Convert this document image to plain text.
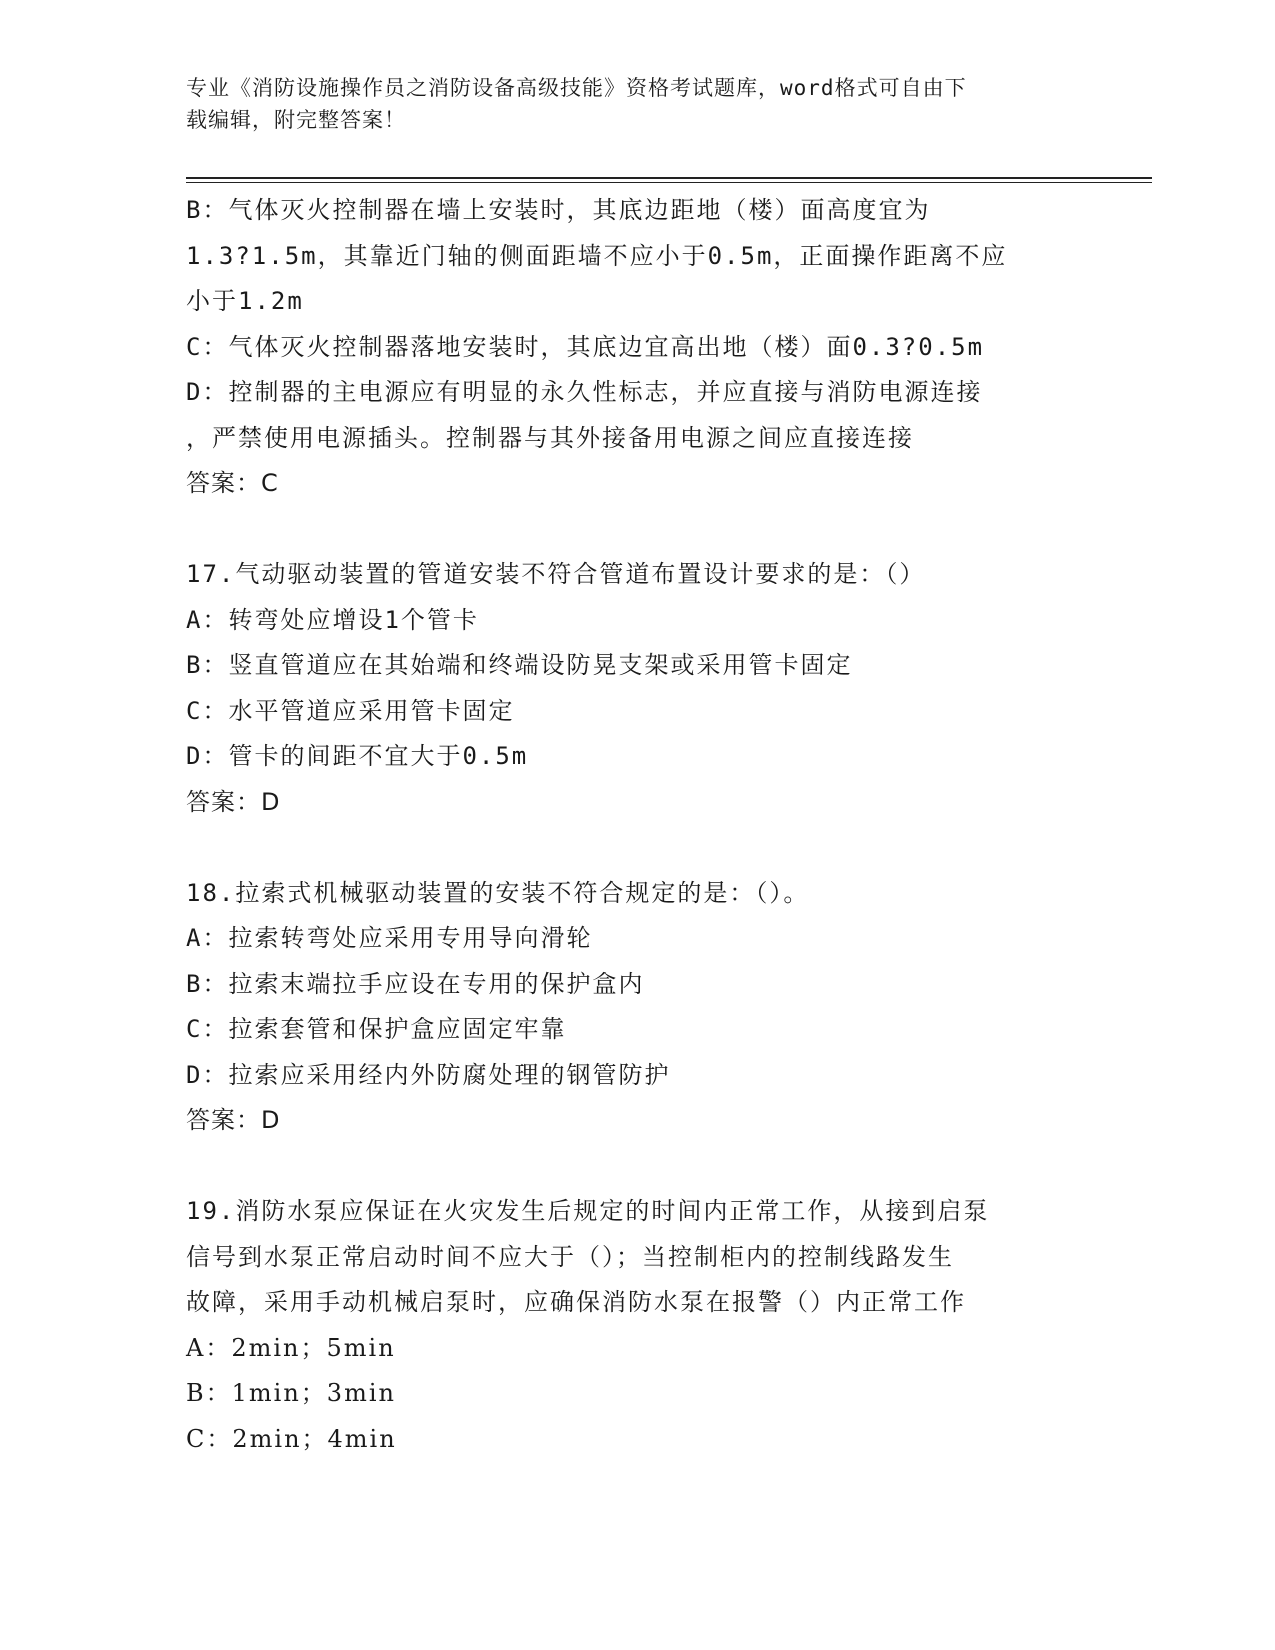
专业《消防设施操作员之消防设备高级技能》资格考试题库，word格式可自由下
载编辑，附完整答案！
B：气体灭火控制器在墙上安装时，其底边距地（楼）面高度宜为
1.3?1.5m，其靠近门轴的侧面距墙不应小于0.5m，正面操作距离不应
小于1.2m
C：气体灭火控制器落地安装时，其底边宜高出地（楼）面0.3?0.5m
D：控制器的主电源应有明显的永久性标志，并应直接与消防电源连接
，严禁使用电源插头。控制器与其外接备用电源之间应直接连接
答案：C
17.气动驱动装置的管道安装不符合管道布置设计要求的是：（）
A：转弯处应增设1个管卡
B：竖直管道应在其始端和终端设防晃支架或采用管卡固定
C：水平管道应采用管卡固定
D：管卡的间距不宜大于0.5m
答案：D
18.拉索式机械驱动装置的安装不符合规定的是：（）。
A：拉索转弯处应采用专用导向滑轮
B：拉索末端拉手应设在专用的保护盒内
C：拉索套管和保护盒应固定牢靠
D：拉索应采用经内外防腐处理的钢管防护
答案：D
19.消防水泵应保证在火灾发生后规定的时间内正常工作，从接到启泵
信号到水泵正常启动时间不应大于（）；当控制柜内的控制线路发生
故障，采用手动机械启泵时，应确保消防水泵在报警（）内正常工作
A：2min；5min
B：1min；3min
C：2min；4min
